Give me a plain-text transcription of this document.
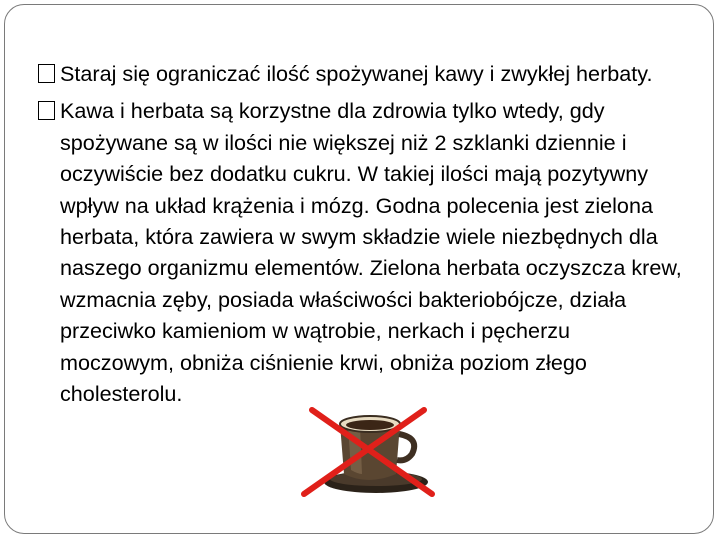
Staraj się ograniczać ilość spożywanej kawy i zwykłej herbaty.
Kawa i herbata są korzystne dla zdrowia tylko wtedy, gdy spożywane są w ilości nie większej niż 2 szklanki dziennie i oczywiście bez dodatku cukru. W takiej ilości mają pozytywny wpływ na układ krążenia i mózg. Godna polecenia jest zielona herbata, która zawiera w swym składzie wiele niezbędnych dla naszego organizmu elementów. Zielona herbata oczyszcza krew, wzmacnia zęby, posiada właściwości bakteriobójcze, działa przeciwko kamieniom w wątrobie, nerkach i pęcherzu moczowym, obniża ciśnienie krwi, obniża poziom złego cholesterolu.
